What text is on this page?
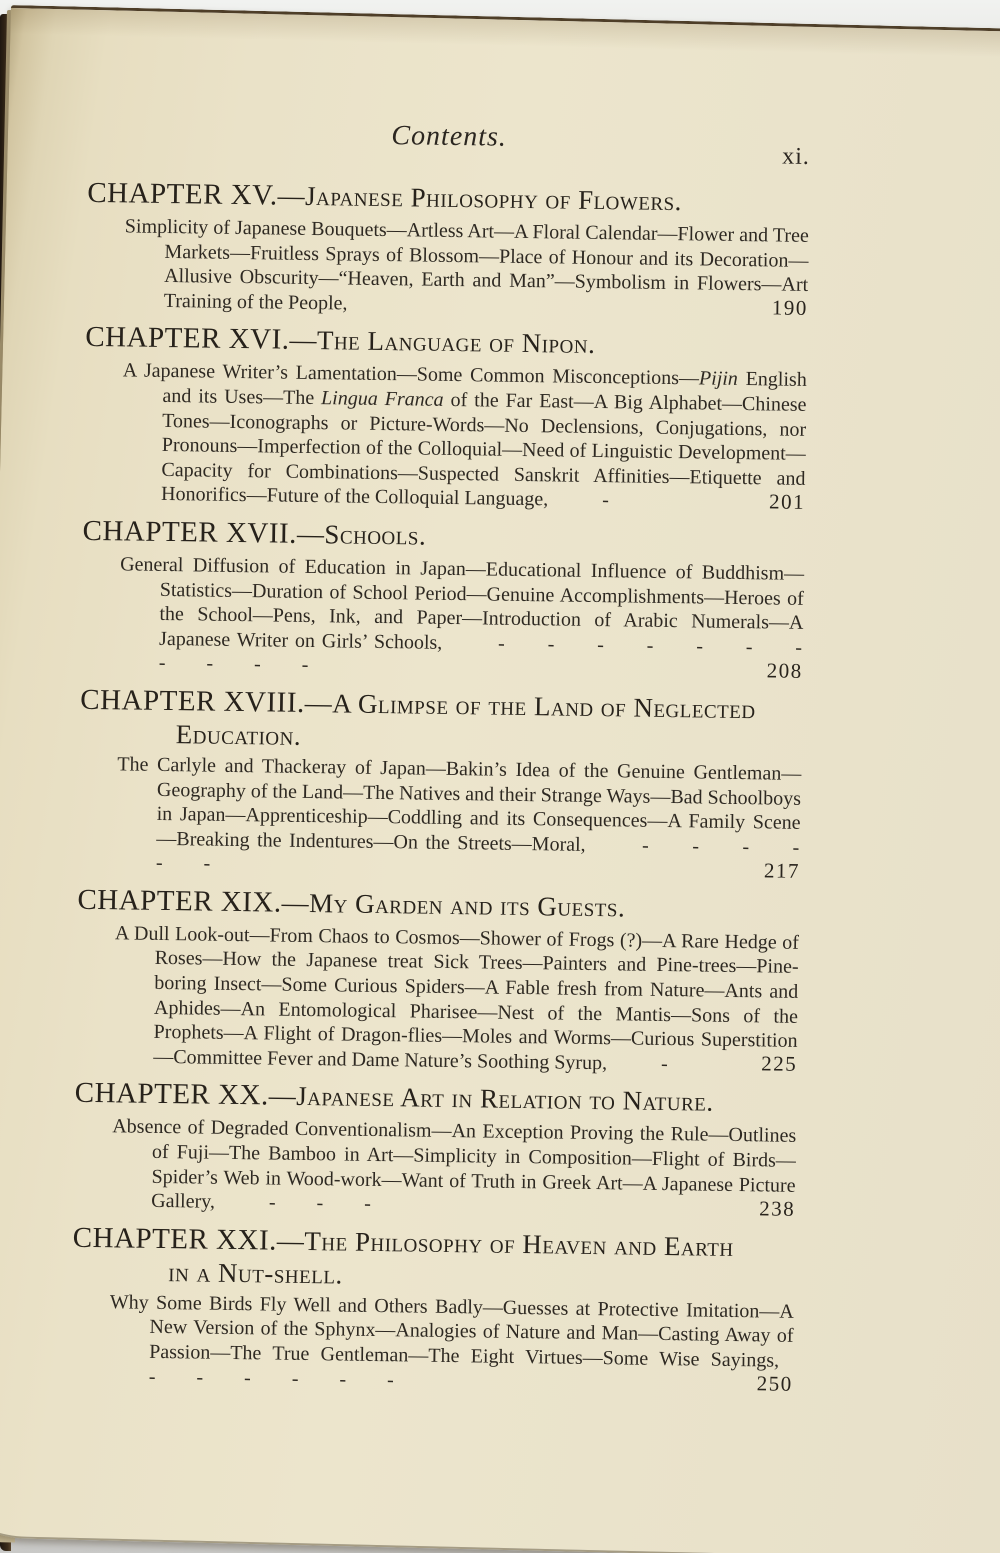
Contents.
xi.
CHAPTER XV.—Japanese Philosophy of Flowers.

Simplicity of Japanese Bouquets—Artless Art—A Floral Calendar—Flower and Tree Markets—Fruitless Sprays of Blossom—Place of Honour and its Decoration—Allusive Obscurity—“Heaven, Earth and Man”—Symbolism in Flowers—Art Training of the People,	190
CHAPTER XVI.—The Language of Nipon.

A Japanese Writer’s Lamentation—Some Common Misconceptions—Pijin English and its Uses—The Lingua Franca of the Far East—A Big Alphabet—Chinese Tones—Iconographs or Picture-Words—No Declensions, Conjugations, nor Pronouns—Imperfection of the Colloquial—Need of Linguistic Development—Capacity for Combinations—Suspected Sanskrit Affinities—Etiquette and Honorifics—Future of the Colloquial Language, -	201
CHAPTER XVII.—Schools.

General Diffusion of Education in Japan—Educational Influence of Buddhism—Statistics—Duration of School Period—Genuine Accomplishments—Heroes of the School—Pens, Ink, and Paper—Introduction of Arabic Numerals—A Japanese Writer on Girls’ Schools, - - - - - - - - - - -	208
CHAPTER XVIII.—A Glimpse of the Land of Neglected
Education.

The Carlyle and Thackeray of Japan—Bakin’s Idea of the Genuine Gentleman—Geography of the Land—The Natives and their Strange Ways—Bad Schoolboys in Japan—Apprenticeship—Coddling and its Consequences—A Family Scene—Breaking the Indentures—On the Streets—Moral, - - - - - -	217
CHAPTER XIX.—My Garden and its Guests.

A Dull Look-out—From Chaos to Cosmos—Shower of Frogs (?)—A Rare Hedge of Roses—How the Japanese treat Sick Trees—Painters and Pine-trees—Pine-boring Insect—Some Curious Spiders—A Fable fresh from Nature—Ants and Aphides—An Entomological Pharisee—Nest of the Mantis—Sons of the Prophets—A Flight of Dragon-flies—Moles and Worms—Curious Superstition—Committee Fever and Dame Nature’s Soothing Syrup, -	225
CHAPTER XX.—Japanese Art in Relation to Nature.

Absence of Degraded Conventionalism—An Exception Proving the Rule—Outlines of Fuji—The Bamboo in Art—Simplicity in Composition—Flight of Birds—Spider’s Web in Wood-work—Want of Truth in Greek Art—A Japanese Picture Gallery, - - -	238
CHAPTER XXI.—The Philosophy of Heaven and Earth
in a Nut-shell.

Why Some Birds Fly Well and Others Badly—Guesses at Protective Imitation—A New Version of the Sphynx—Analogies of Nature and Man—Casting Away of Passion—The True Gentleman—The Eight Virtues—Some Wise Sayings, - - - - - -	250
